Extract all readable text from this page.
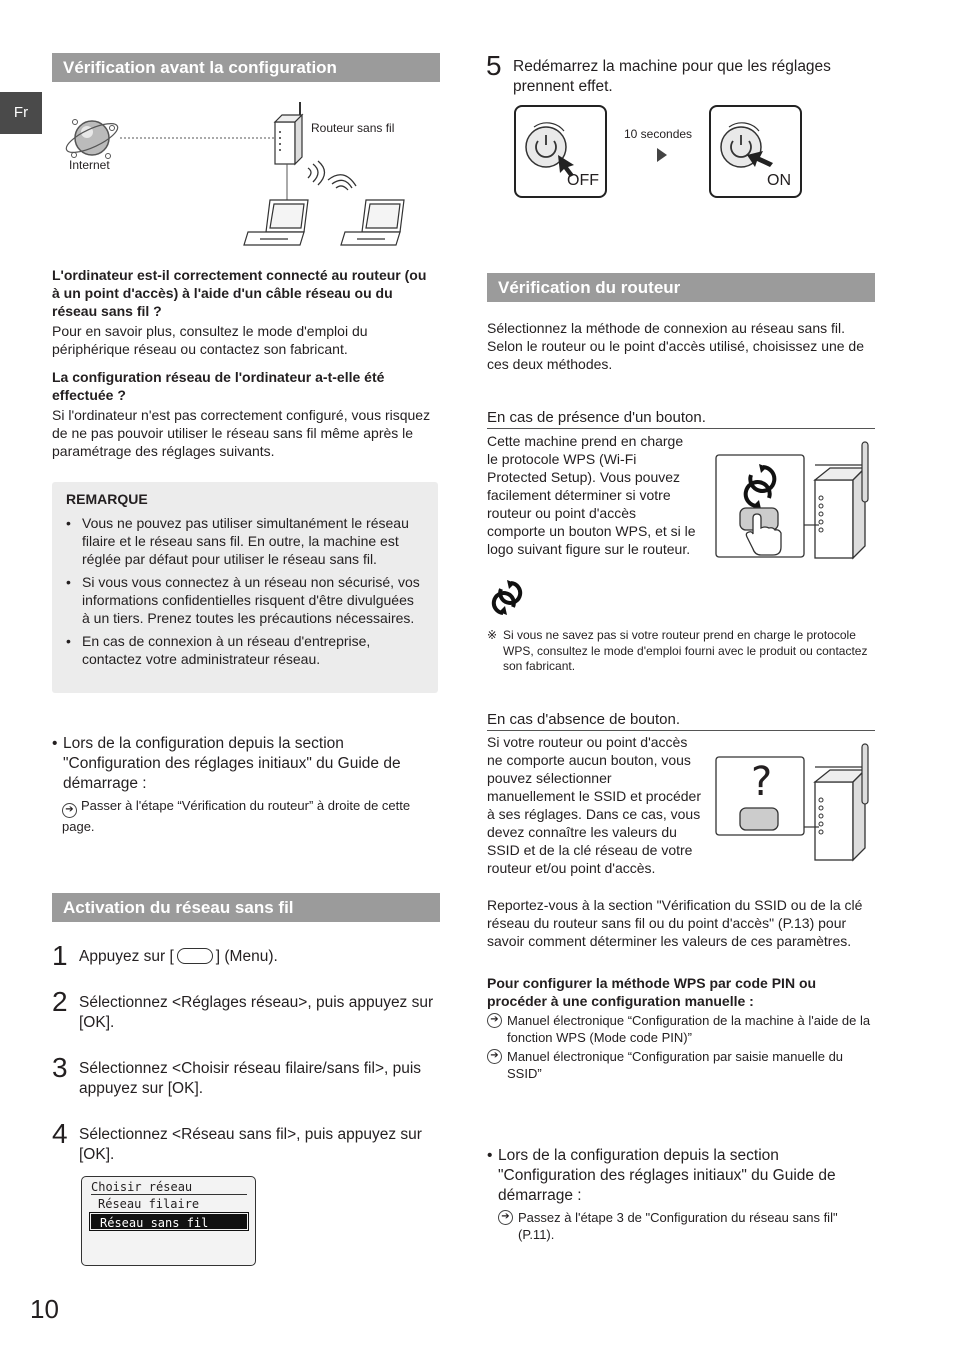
Fr
Vérification avant la configuration
Internet
Routeur sans fil
L'ordinateur est-il correctement connecté au routeur (ou à un point d'accès) à l'aide d'un câble réseau ou du réseau sans fil ?
Pour en savoir plus, consultez le mode d'emploi du périphérique réseau ou contactez son fabricant.
La configuration réseau de l'ordinateur a-t-elle été effectuée ?
Si l'ordinateur n'est pas correctement configuré, vous risquez de ne pas pouvoir utiliser le réseau sans fil même après le paramétrage des réglages suivants.
REMARQUE
• Vous ne pouvez pas utiliser simultanément le réseau filaire et le réseau sans fil. En outre, la machine est réglée par défaut pour utiliser le réseau sans fil.
• Si vous vous connectez à un réseau non sécurisé, vos informations confidentielles risquent d'être divulguées à un tiers. Prenez toutes les précautions nécessaires.
• En cas de connexion à un réseau d'entreprise, contactez votre administrateur réseau.
• Lors de la configuration depuis la section "Configuration des réglages initiaux" du Guide de démarrage :
➔ Passer à l'étape “Vérification du routeur” à droite de cette page.
Activation du réseau sans fil
1 Appuyez sur [	] (Menu).
2 Sélectionnez <Réglages réseau>, puis appuyez sur [OK].
3 Sélectionnez <Choisir réseau filaire/sans fil>, puis appuyez sur [OK].
4 Sélectionnez <Réseau sans fil>, puis appuyez sur [OK].
Choisir réseau
Réseau filaire
Réseau sans fil
10
5 Redémarrez la machine pour que les réglages prennent effet.
OFF
10 secondes
ON
Vérification du routeur
Sélectionnez la méthode de connexion au réseau sans fil. Selon le routeur ou le point d'accès utilisé, choisissez une de ces deux méthodes.
En cas de présence d'un bouton.
Cette machine prend en charge le protocole WPS (Wi-Fi Protected Setup). Vous pouvez facilement déterminer si votre routeur ou point d'accès comporte un bouton WPS, et si le logo suivant figure sur le routeur.
※ Si vous ne savez pas si votre routeur prend en charge le protocole WPS, consultez le mode d'emploi fourni avec le produit ou contactez son fabricant.
En cas d'absence de bouton.
Si votre routeur ou point d'accès ne comporte aucun bouton, vous pouvez sélectionner manuellement le SSID et procéder à ses réglages. Dans ce cas, vous devez connaître les valeurs du SSID et de la clé réseau de votre routeur et/ou point d'accès.
?
Reportez-vous à la section "Vérification du SSID ou de la clé réseau du routeur sans fil ou du point d'accès" (P.13) pour savoir comment déterminer les valeurs de ces paramètres.
Pour configurer la méthode WPS par code PIN ou procéder à une configuration manuelle :
➔ Manuel électronique “Configuration de la machine à l'aide de la fonction WPS (Mode code PIN)”
➔ Manuel électronique “Configuration par saisie manuelle du SSID”
• Lors de la configuration depuis la section "Configuration des réglages initiaux" du Guide de démarrage :
➔ Passez à l'étape 3 de "Configuration du réseau sans fil" (P.11).
